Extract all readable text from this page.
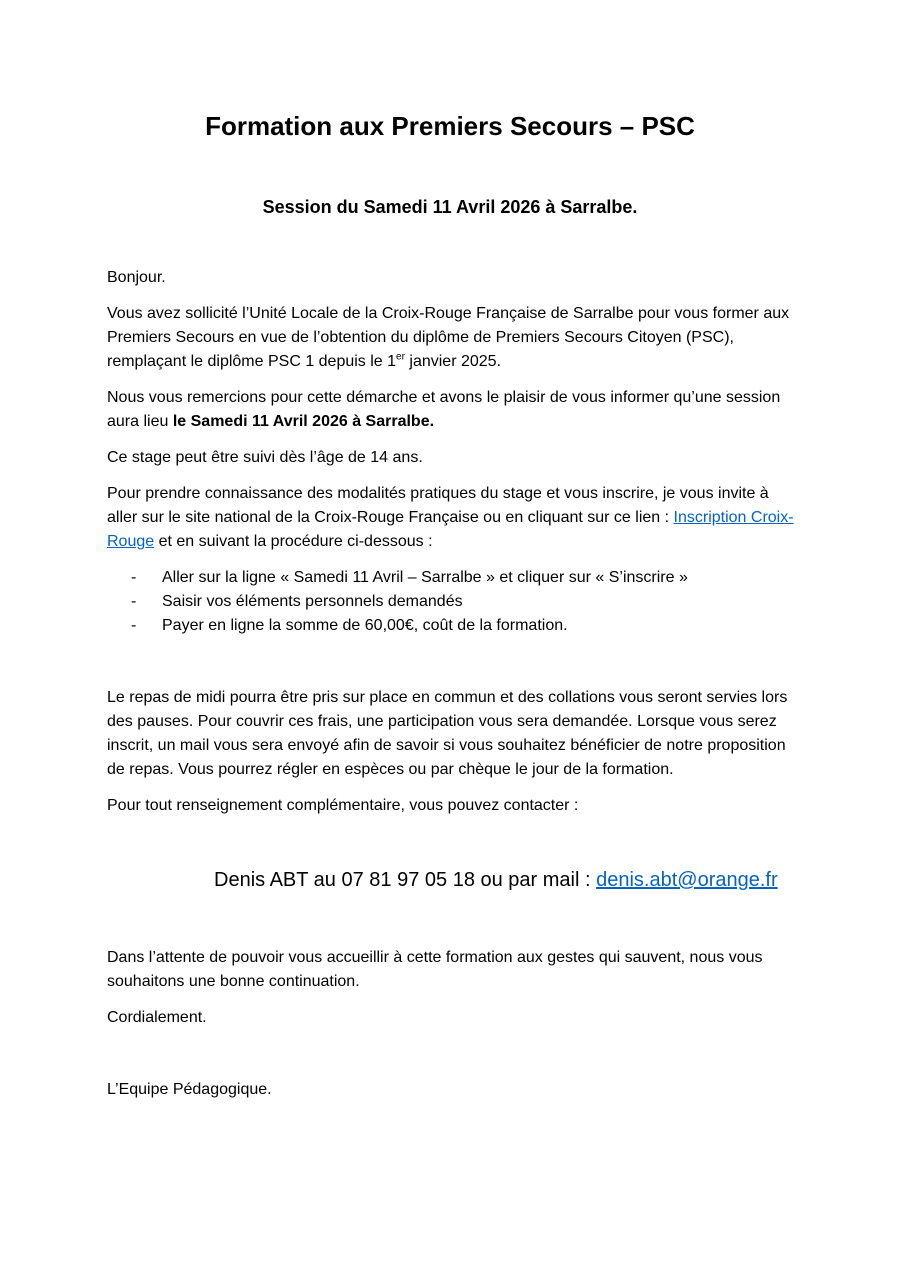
Formation aux Premiers Secours – PSC
Session du Samedi 11 Avril 2026 à Sarralbe.

Bonjour.

Vous avez sollicité l’Unité Locale de la Croix-Rouge Française de Sarralbe pour vous former aux Premiers Secours en vue de l’obtention du diplôme de Premiers Secours Citoyen (PSC), remplaçant le diplôme PSC 1 depuis le 1er janvier 2025.

Nous vous remercions pour cette démarche et avons le plaisir de vous informer qu’une session aura lieu le Samedi 11 Avril 2026 à Sarralbe.

Ce stage peut être suivi dès l’âge de 14 ans.

Pour prendre connaissance des modalités pratiques du stage et vous inscrire, je vous invite à aller sur le site national de la Croix-Rouge Française ou en cliquant sur ce lien : Inscription Croix-Rouge et en suivant la procédure ci-dessous :

- Aller sur la ligne « Samedi 11 Avril – Sarralbe » et cliquer sur « S’inscrire »
- Saisir vos éléments personnels demandés
- Payer en ligne la somme de 60,00€, coût de la formation.

Le repas de midi pourra être pris sur place en commun et des collations vous seront servies lors des pauses. Pour couvrir ces frais, une participation vous sera demandée. Lorsque vous serez inscrit, un mail vous sera envoyé afin de savoir si vous souhaitez bénéficier de notre proposition de repas. Vous pourrez régler en espèces ou par chèque le jour de la formation.

Pour tout renseignement complémentaire, vous pouvez contacter :

Denis ABT au 07 81 97 05 18 ou par mail : denis.abt@orange.fr

Dans l’attente de pouvoir vous accueillir à cette formation aux gestes qui sauvent, nous vous souhaitons une bonne continuation.

Cordialement.

L’Equipe Pédagogique.
